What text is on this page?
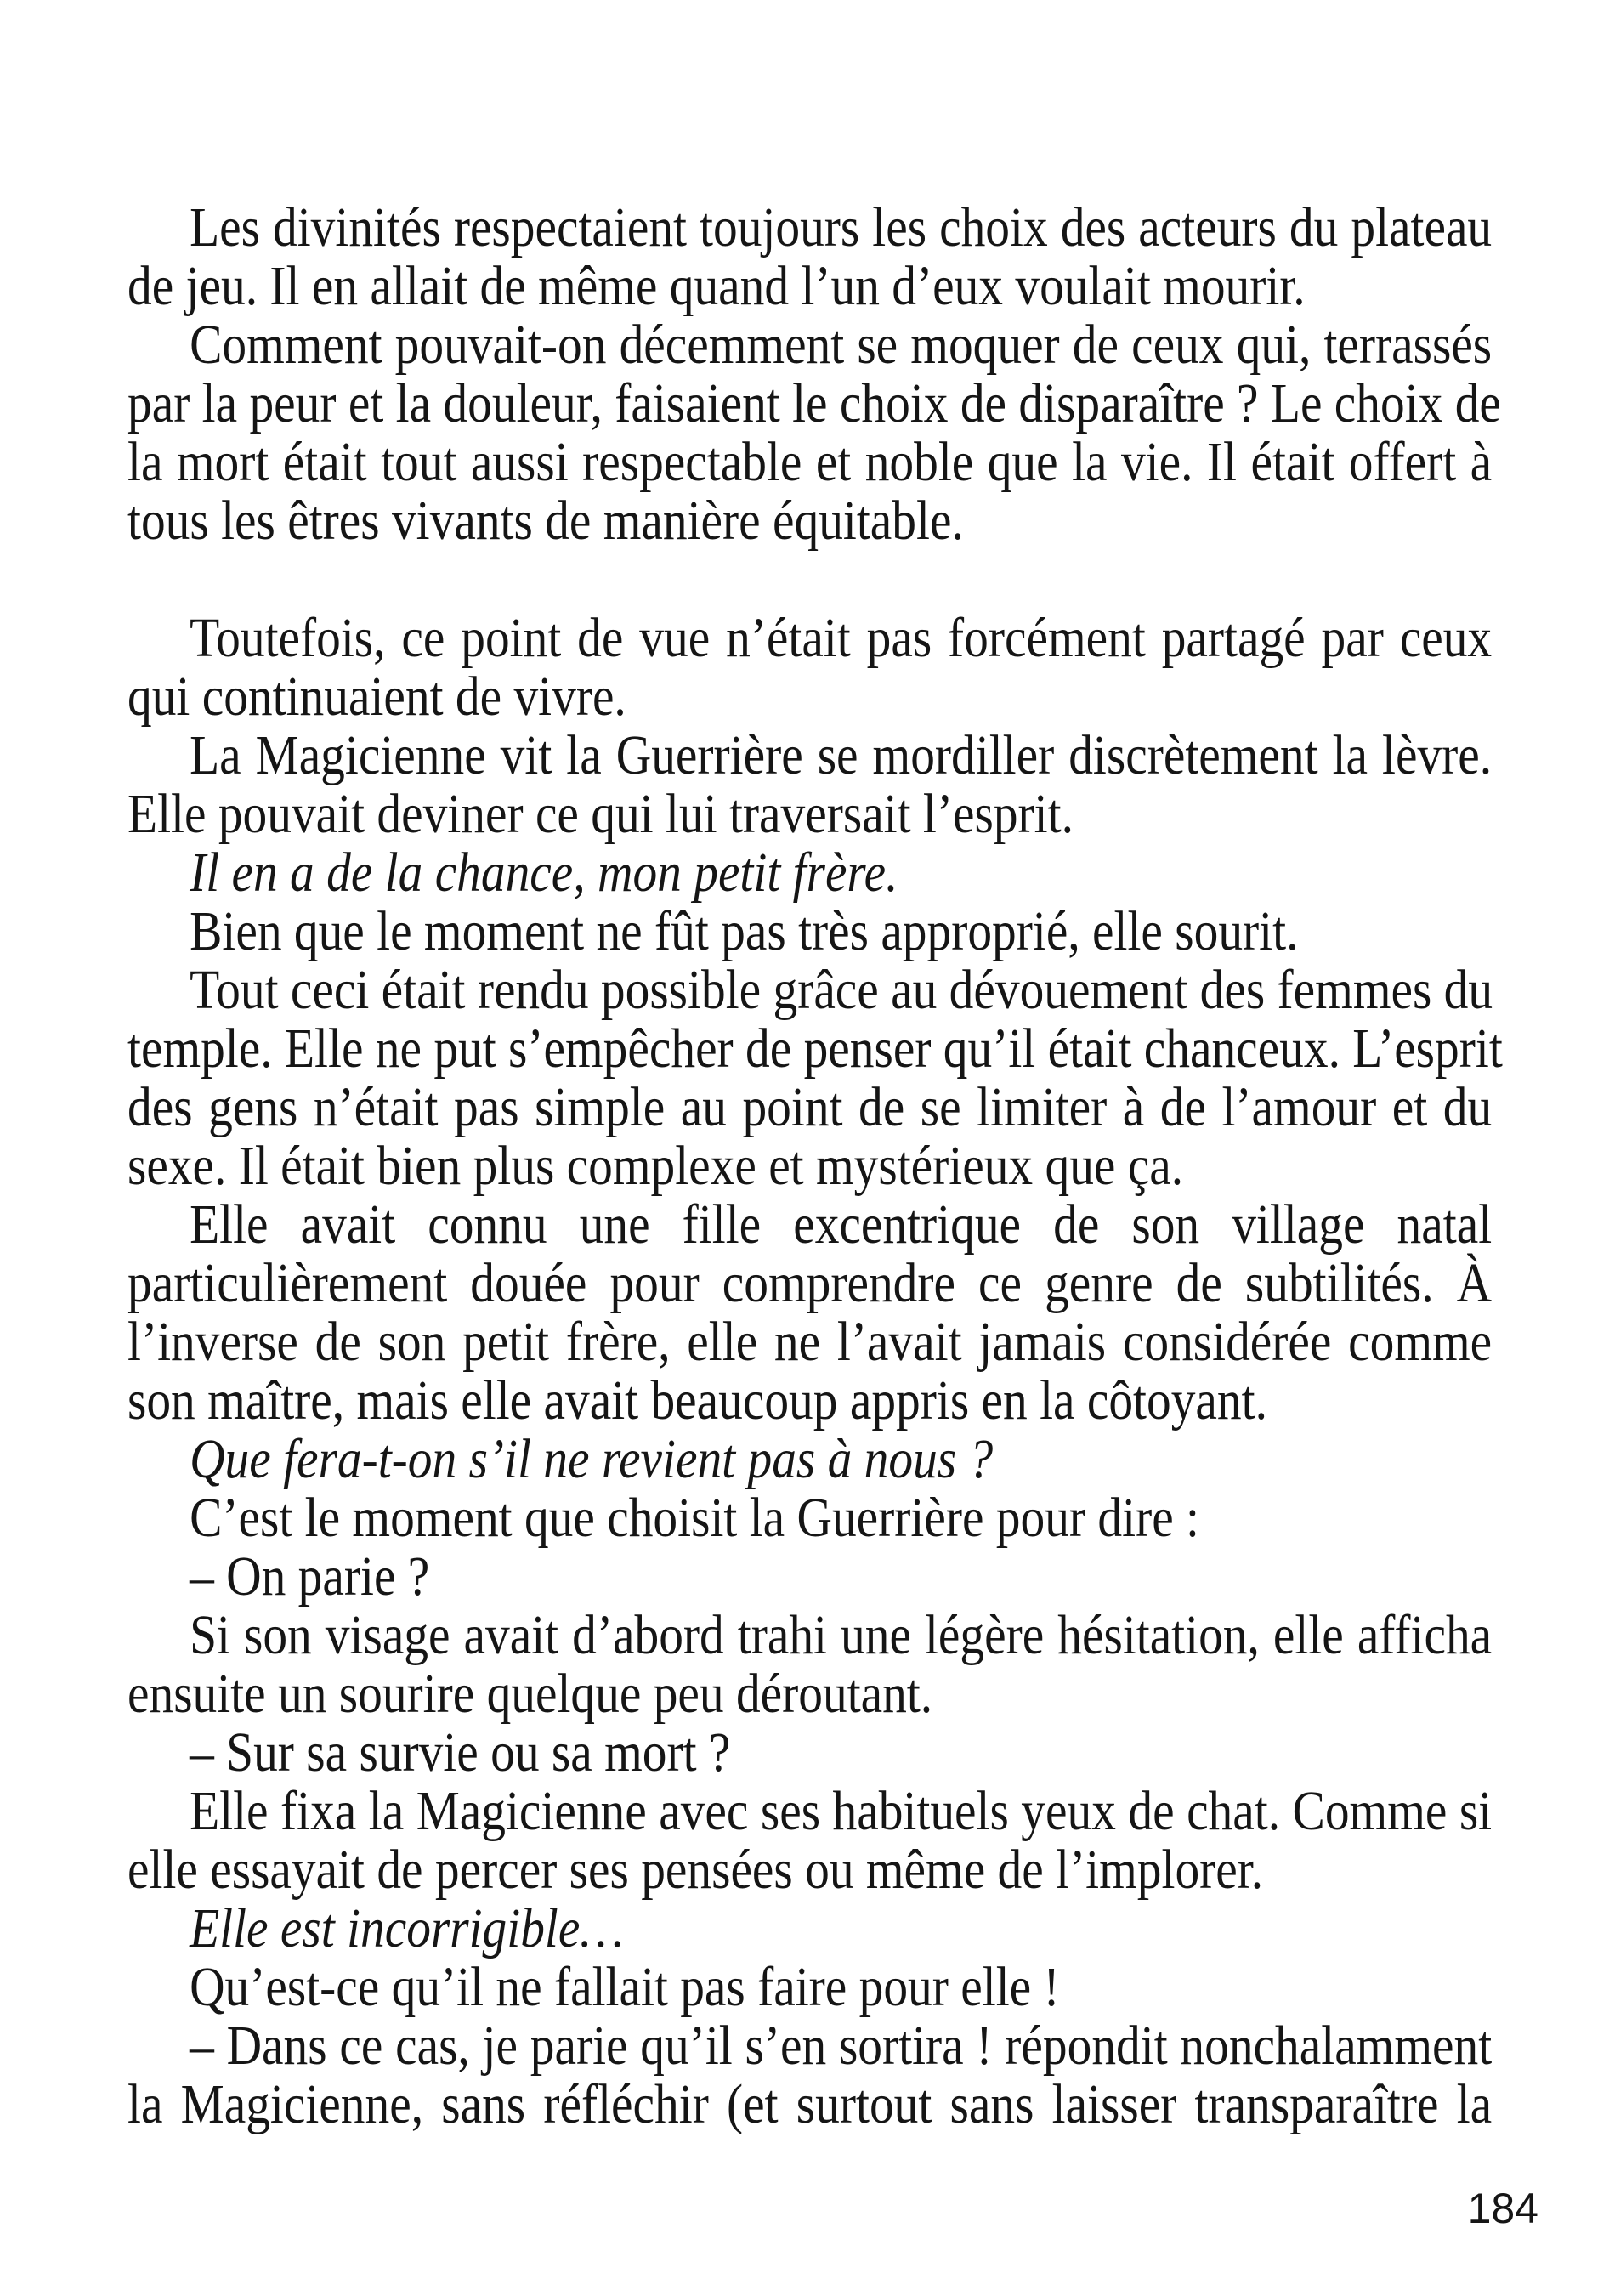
Les divinités respectaient toujours les choix des acteurs du plateau
de jeu. Il en allait de même quand l’un d’eux voulait mourir.
Comment pouvait-on décemment se moquer de ceux qui, terrassés
par la peur et la douleur, faisaient le choix de disparaître ? Le choix de
la mort était tout aussi respectable et noble que la vie. Il était offert à
tous les êtres vivants de manière équitable.
Toutefois, ce point de vue n’était pas forcément partagé par ceux
qui continuaient de vivre.
La Magicienne vit la Guerrière se mordiller discrètement la lèvre.
Elle pouvait deviner ce qui lui traversait l’esprit.
Il en a de la chance, mon petit frère.
Bien que le moment ne fût pas très approprié, elle sourit.
Tout ceci était rendu possible grâce au dévouement des femmes du
temple. Elle ne put s’empêcher de penser qu’il était chanceux. L’esprit
des gens n’était pas simple au point de se limiter à de l’amour et du
sexe. Il était bien plus complexe et mystérieux que ça.
Elle avait connu une fille excentrique de son village natal
particulièrement douée pour comprendre ce genre de subtilités. À
l’inverse de son petit frère, elle ne l’avait jamais considérée comme
son maître, mais elle avait beaucoup appris en la côtoyant.
Que fera-t-on s’il ne revient pas à nous ?
C’est le moment que choisit la Guerrière pour dire :
– On parie ?
Si son visage avait d’abord trahi une légère hésitation, elle afficha
ensuite un sourire quelque peu déroutant.
– Sur sa survie ou sa mort ?
Elle fixa la Magicienne avec ses habituels yeux de chat. Comme si
elle essayait de percer ses pensées ou même de l’implorer.
Elle est incorrigible…
Qu’est-ce qu’il ne fallait pas faire pour elle !
– Dans ce cas, je parie qu’il s’en sortira ! répondit nonchalamment
la Magicienne, sans réfléchir (et surtout sans laisser transparaître la
184
